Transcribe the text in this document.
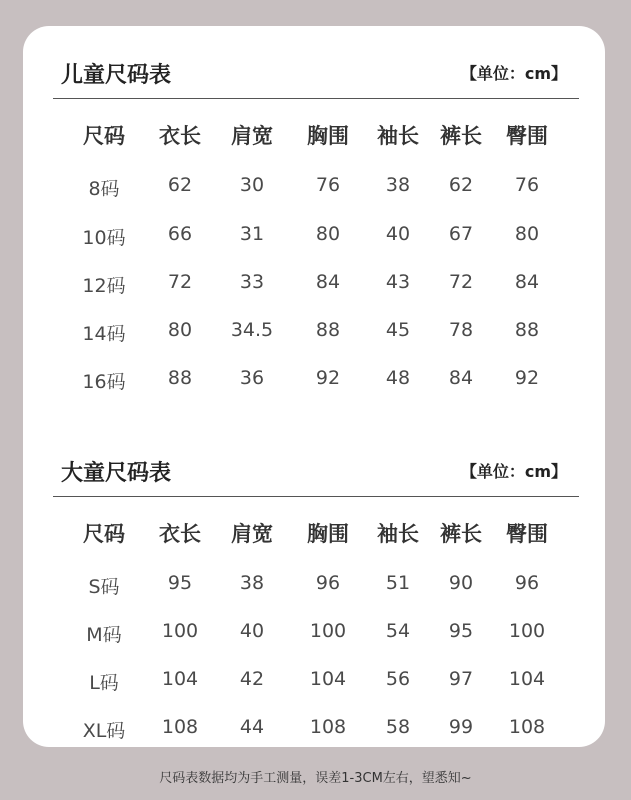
儿童尺码表	【单位：cm】
尺码	衣长	肩宽	胸围	袖长	裤长	臀围
8码	62	30	76	38	62	76
10码	66	31	80	40	67	80
12码	72	33	84	43	72	84
14码	80	34.5	88	45	78	88
16码	88	36	92	48	84	92
大童尺码表	【单位：cm】
尺码	衣长	肩宽	胸围	袖长	裤长	臀围
S码	95	38	96	51	90	96
M码	100	40	100	54	95	100
L码	104	42	104	56	97	104
XL码	108	44	108	58	99	108
尺码表数据均为手工测量，误差1-3CM左右，望悉知~
